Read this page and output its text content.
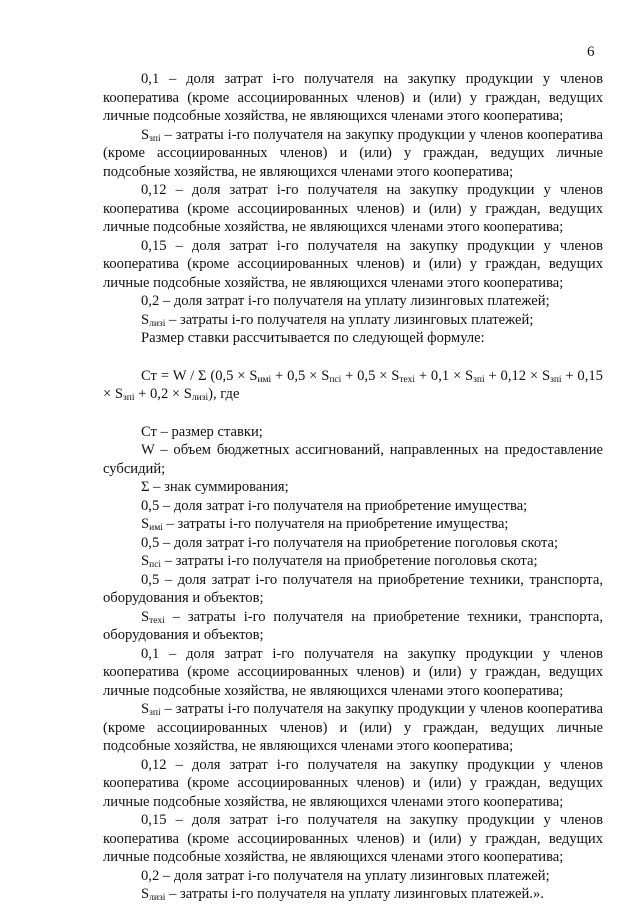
6

0,1 – доля затрат i-го получателя на закупку продукции у членов кооператива (кроме ассоциированных членов) и (или) у граждан, ведущих личные подсобные хозяйства, не являющихся членами этого кооператива;

$S_{зпi}$ – затраты i-го получателя на закупку продукции у членов кооператива (кроме ассоциированных членов) и (или) у граждан, ведущих личные подсобные хозяйства, не являющихся членами этого кооператива;

0,12 – доля затрат i-го получателя на закупку продукции у членов кооператива (кроме ассоциированных членов) и (или) у граждан, ведущих личные подсобные хозяйства, не являющихся членами этого кооператива;

0,15 – доля затрат i-го получателя на закупку продукции у членов кооператива (кроме ассоциированных членов) и (или) у граждан, ведущих личные подсобные хозяйства, не являющихся членами этого кооператива;

0,2 – доля затрат i-го получателя на уплату лизинговых платежей;

$S_{лизi}$ – затраты i-го получателя на уплату лизинговых платежей;

Размер ставки рассчитывается по следующей формуле:

Ст = W / Σ $(0,5 \times S_{имi} + 0,5 \times S_{пci} + 0,5 \times S_{техi} + 0,1 \times S_{зпi} + 0,12 \times S_{зпi} + 0,15 \times S_{зпi} + 0,2 \times S_{лизi})$, где

Ст – размер ставки;

W – объем бюджетных ассигнований, направленных на предоставление субсидий;

Σ – знак суммирования;

0,5 – доля затрат i-го получателя на приобретение имущества;

$S_{имi}$ – затраты i-го получателя на приобретение имущества;

0,5 – доля затрат i-го получателя на приобретение поголовья скота;

$S_{пci}$ – затраты i-го получателя на приобретение поголовья скота;

0,5 – доля затрат i-го получателя на приобретение техники, транспорта, оборудования и объектов;

$S_{техi}$ – затраты i-го получателя на приобретение техники, транспорта, оборудования и объектов;

0,1 – доля затрат i-го получателя на закупку продукции у членов кооператива (кроме ассоциированных членов) и (или) у граждан, ведущих личные подсобные хозяйства, не являющихся членами этого кооператива;

$S_{зпi}$ – затраты i-го получателя на закупку продукции у членов кооператива (кроме ассоциированных членов) и (или) у граждан, ведущих личные подсобные хозяйства, не являющихся членами этого кооператива;

0,12 – доля затрат i-го получателя на закупку продукции у членов кооператива (кроме ассоциированных членов) и (или) у граждан, ведущих личные подсобные хозяйства, не являющихся членами этого кооператива;

0,15 – доля затрат i-го получателя на закупку продукции у членов кооператива (кроме ассоциированных членов) и (или) у граждан, ведущих личные подсобные хозяйства, не являющихся членами этого кооператива;

0,2 – доля затрат i-го получателя на уплату лизинговых платежей;

$S_{лизi}$ – затраты i-го получателя на уплату лизинговых платежей.».
